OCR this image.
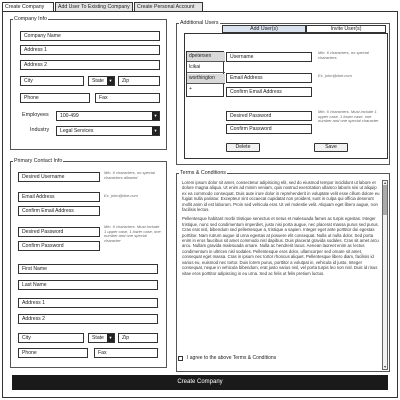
Create Company	Add User To Existing Company	Create Personal Account
Company Info
Company Name
Address 1
Address 2
City	State	▾	Zip
Phone	Fax
Employees	100-499	▾
Industry	Legal Services	▾
Primary Contact Info
Desired Username
Min. 6 characters, no special characters allowed
Email Address	Ex. john@doe.com
Confirm Email Address
Desired Password
Min. 6 characters. Must include 1 upper case, 1 lower case, one number and one special character
Confirm Password
First Name
Last Name
Address 1
Address 2
City	State	▾	Zip
Phone	Fax
Additional Users
Add User(s)	Invite User(s)
dpetersen
lcikai
worthington
+
Username
Min. 6 characters, no special characters
Email Address	Ex. john@doe.com
Confirm Email Address
Desired Password
Confirm Password
Min. 6 characters. Must include 1 upper case, 1 lower case, one number and one special character
Delete	Save
Terms & Conditions

Lorem ipsum dolor sit amet, consectetur adipisicing elit, sed do eiusmod tempor incididunt ut labore et dolore magna aliqua. Ut enim ad minim veniam, quis nostrud exercitation ullamco laboris nisi ut aliquip ex ea commodo consequat. Duis aute irure dolor in reprehenderit in voluptate velit esse cillum dolore eu fugiat nulla pariatur. Excepteur sint occaecat cupidatat non proident, sunt in culpa qui officia deserunt mollit anim id est laborum. Proin sed vehicula erat. Ut vel molestie velit. Aliquam eget libero augue, non facilisis lectus.

Pellentesque habitant morbi tristique senectus et netus et malesuada fames ac turpis egestas. Integer tristique, nunc sed condimentum imperdiet, justo nisi porta augue, nec placerat massa purus sed purus. Cras erat nisl, bibendum sed pellentesque a, tristique a sapien. Integer eget ante porttitor dui egestas porttitor. Nam rutrum augue id urna egestas at posuere elit consequat. Nulla ut nulla dolor. Sed porta enim in eros faucibus sit amet commodo nisl dapibus. Duis placerat gravida sodales. Cras sit amet arcu arcu. Nullam gravida malesuada ornare. Nulla ac hendrerit lacus. Aenean laoreet enim ac lectus condimentum in ultrices nisl sodales. Pellentesque eros dolor, ullamcorper sed ornare sit amet, consequat eget massa. Cras in ipsum nec tortor rhoncus aliquet. Pellentesque libero diam, facilisis id varius eu, euismod nec tortor. Duis lorem purus, porttitor a volutpat in, vehicula id justo. Integer consequat, neque in vehicula bibendum, erat justo varius nisl, vel porta turpis leo non nisl. Duis id risus vitae eros porttitor adipiscing in eu urna. Sed ac felis ut felis pretium luctus.

▲
▼
I agree to the above Terms & Conditions
Create Company
